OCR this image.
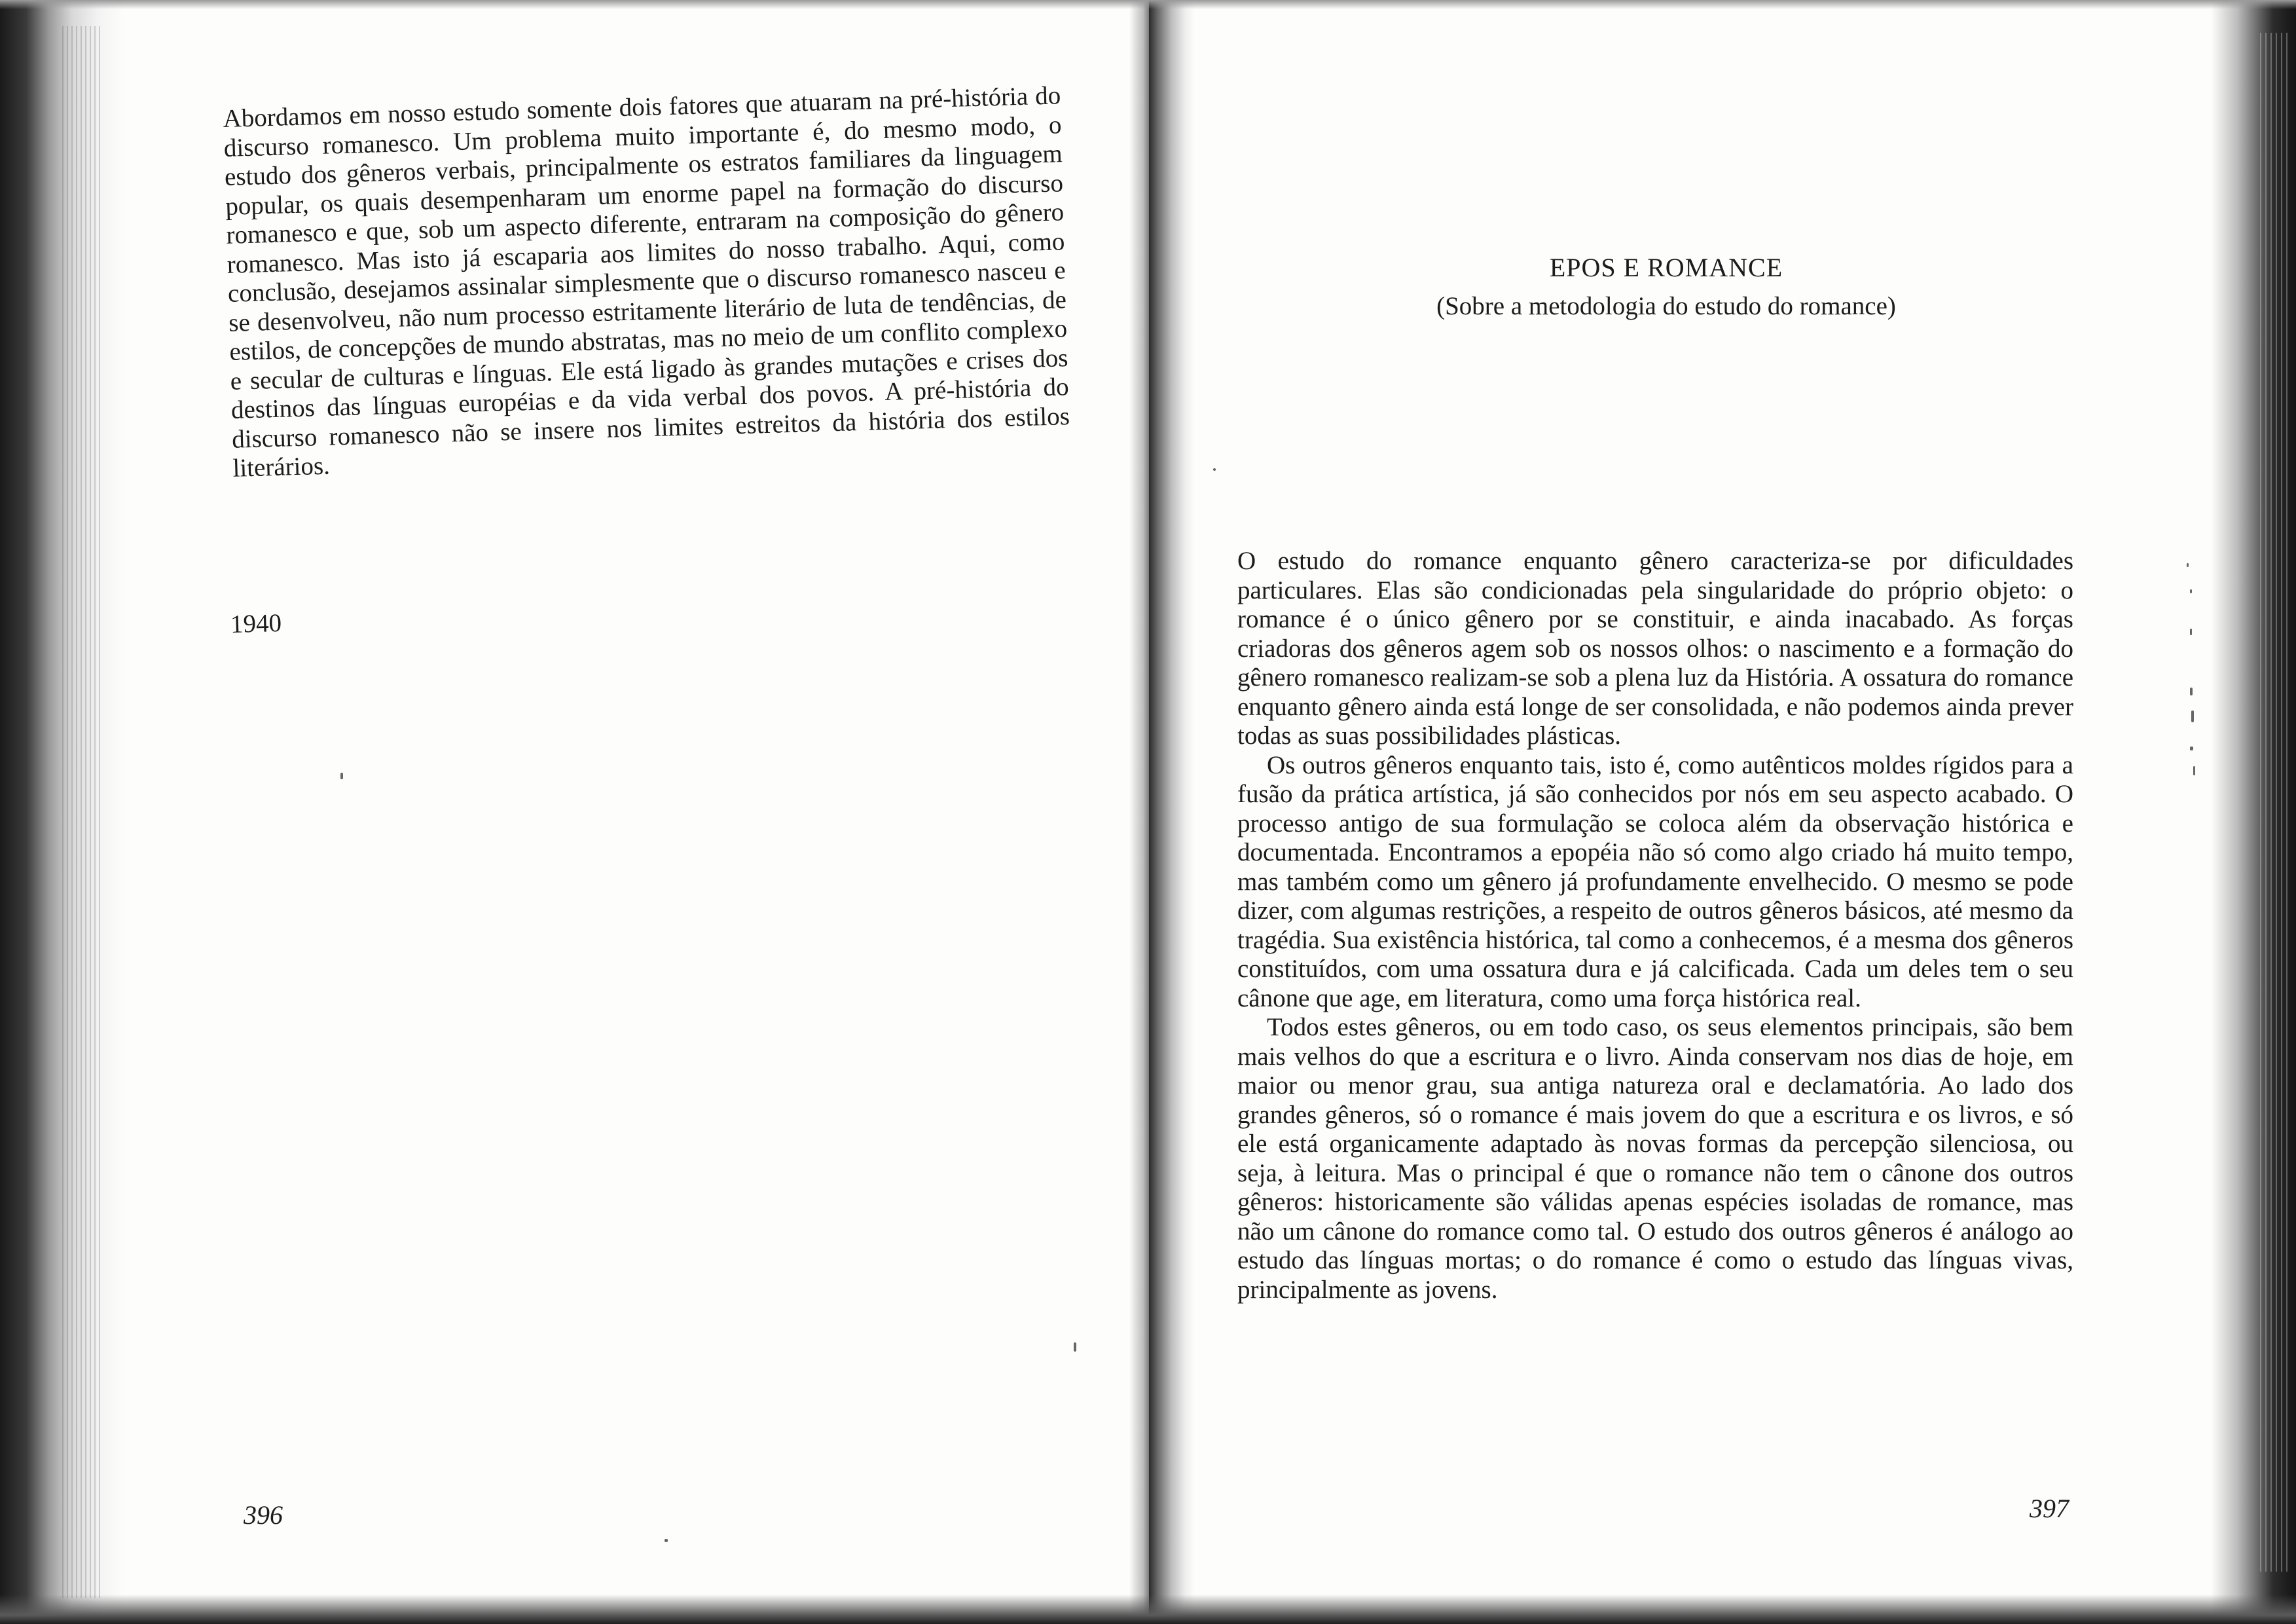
Abordamos em nosso estudo somente dois fatores que atuaram na pré-história do discurso romanesco. Um problema muito importante é, do mesmo modo, o estudo dos gêneros verbais, principalmente os estratos familiares da linguagem popular, os quais desempenharam um enorme papel na formação do discurso romanesco e que, sob um aspecto diferente, entraram na composição do gênero romanesco. Mas isto já escaparia aos limites do nosso trabalho. Aqui, como conclusão, desejamos assinalar simplesmente que o discurso romanesco nasceu e se desenvolveu, não num processo estritamente literário de luta de tendências, de estilos, de concepções de mundo abstratas, mas no meio de um conflito complexo e secular de culturas e línguas. Ele está ligado às grandes mutações e crises dos destinos das línguas européias e da vida verbal dos povos. A pré-história do discurso romanesco não se insere nos limites estreitos da história dos estilos literários.

1940
396
EPOS E ROMANCE
(Sobre a metodologia do estudo do romance)

O estudo do romance enquanto gênero caracteriza-se por dificuldades particulares. Elas são condicionadas pela singularidade do próprio objeto: o romance é o único gênero por se constituir, e ainda inacabado. As forças criadoras dos gêneros agem sob os nossos olhos: o nascimento e a formação do gênero romanesco realizam-se sob a plena luz da História. A ossatura do romance enquanto gênero ainda está longe de ser consolidada, e não podemos ainda prever todas as suas possibilidades plásticas.

Os outros gêneros enquanto tais, isto é, como autênticos moldes rígidos para a fusão da prática artística, já são conhecidos por nós em seu aspecto acabado. O processo antigo de sua formulação se coloca além da observação histórica e documentada. Encontramos a epopéia não só como algo criado há muito tempo, mas também como um gênero já profundamente envelhecido. O mesmo se pode dizer, com algumas restrições, a respeito de outros gêneros básicos, até mesmo da tragédia. Sua existência histórica, tal como a conhecemos, é a mesma dos gêneros constituídos, com uma ossatura dura e já calcificada. Cada um deles tem o seu cânone que age, em literatura, como uma força histórica real.

Todos estes gêneros, ou em todo caso, os seus elementos principais, são bem mais velhos do que a escritura e o livro. Ainda conservam nos dias de hoje, em maior ou menor grau, sua antiga natureza oral e declamatória. Ao lado dos grandes gêneros, só o romance é mais jovem do que a escritura e os livros, e só ele está organicamente adaptado às novas formas da percepção silenciosa, ou seja, à leitura. Mas o principal é que o romance não tem o cânone dos outros gêneros: historicamente são válidas apenas espécies isoladas de romance, mas não um cânone do romance como tal. O estudo dos outros gêneros é análogo ao estudo das línguas mortas; o do romance é como o estudo das línguas vivas, principalmente as jovens.

397
